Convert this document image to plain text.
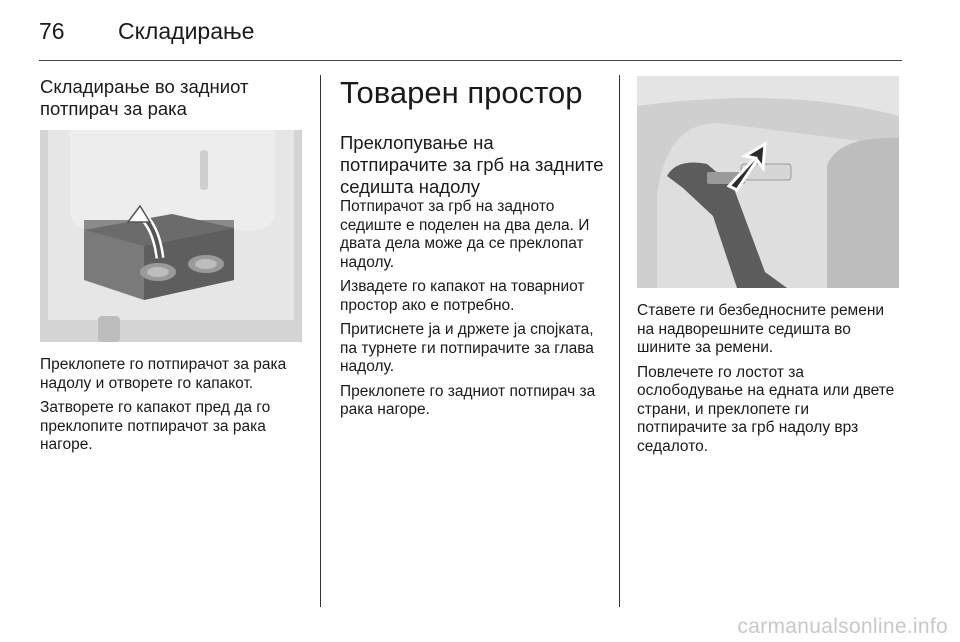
76 Складирање
Складирање во задниот потпирач за рака

Преклопете го потпирачот за рака надолу и отворете го капакот.

Затворете го капакот пред да го преклопите потпирачот за рака нагоре.

Товарен простор
Преклопување на потпирачите за грб на задните седишта надолу

Потпирачот за грб на задното седиште е поделен на два дела. И двата дела може да се преклопат надолу.

Извадете го капакот на товарниот простор ако е потребно.

Притиснете ја и држете ја спојката, па турнете ги потпирачите за глава надолу.

Преклопете го задниот потпирач за рака нагоре.

Ставете ги безбедносните ремени на надворешните седишта во шините за ремени.

Повлечете го лостот за ослободување на едната или двете страни, и преклопете ги потпирачите за грб надолу врз седалото.

carmanualsonline.info
